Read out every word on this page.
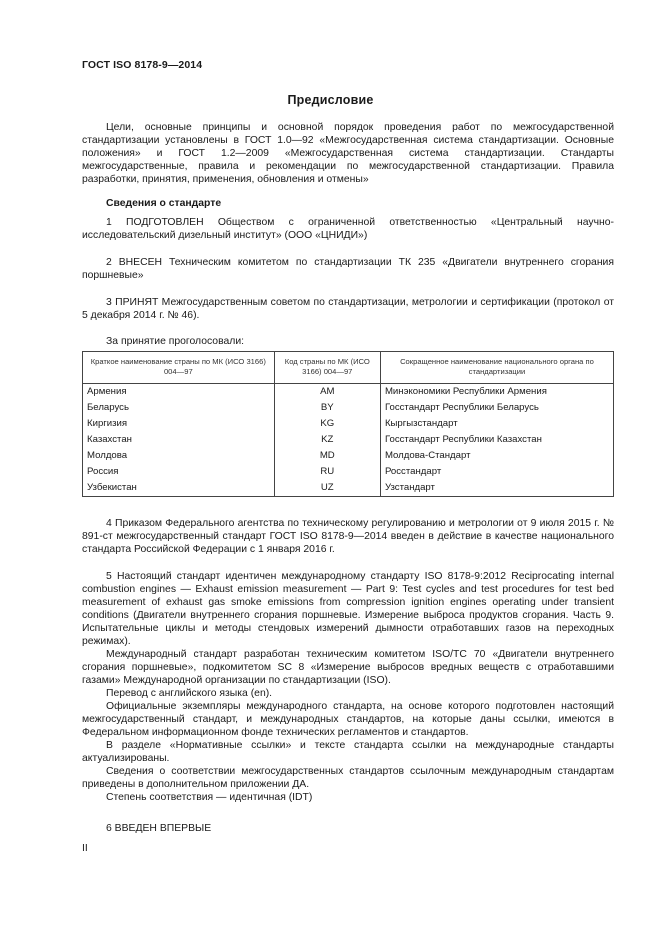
ГОСТ ISO 8178-9—2014
Предисловие

Цели, основные принципы и основной порядок проведения работ по межгосударственной стандартизации установлены в ГОСТ 1.0—92 «Межгосударственная система стандартизации. Основные положения» и ГОСТ 1.2—2009 «Межгосударственная система стандартизации. Стандарты межгосударственные, правила и рекомендации по межгосударственной стандартизации. Правила разработки, принятия, применения, обновления и отмены»

Сведения о стандарте

1 ПОДГОТОВЛЕН Обществом с ограниченной ответственностью «Центральный научно-исследовательский дизельный институт» (ООО «ЦНИДИ»)

2 ВНЕСЕН Техническим комитетом по стандартизации ТК 235 «Двигатели внутреннего сгорания поршневые»

3 ПРИНЯТ Межгосударственным советом по стандартизации, метрологии и сертификации (протокол от 5 декабря 2014 г. № 46).

За принятие проголосовали:

Краткое наименование страны по МК (ИСО 3166) 004—97	Код страны по МК (ИСО 3166) 004—97	Сокращенное наименование национального органа по стандартизации
Армения	AM	Минэкономики Республики Армения
Беларусь	BY	Госстандарт Республики Беларусь
Киргизия	KG	Кыргызстандарт
Казахстан	KZ	Госстандарт Республики Казахстан
Молдова	MD	Молдова-Стандарт
Россия	RU	Росстандарт
Узбекистан	UZ	Узстандарт

4 Приказом Федерального агентства по техническому регулированию и метрологии от 9 июля 2015 г. № 891-ст межгосударственный стандарт ГОСТ ISO 8178-9—2014 введен в действие в качестве национального стандарта Российской Федерации с 1 января 2016 г.

5 Настоящий стандарт идентичен международному стандарту ISO 8178-9:2012 Reciprocating internal combustion engines — Exhaust emission measurement — Part 9: Test cycles and test procedures for test bed measurement of exhaust gas smoke emissions from compression ignition engines operating under transient conditions (Двигатели внутреннего сгорания поршневые. Измерение выброса продуктов сгорания. Часть 9. Испытательные циклы и методы стендовых измерений дымности отработавших газов на переходных режимах).

Международный стандарт разработан техническим комитетом ISO/TC 70 «Двигатели внутреннего сгорания поршневые», подкомитетом SC 8 «Измерение выбросов вредных веществ с отработавшими газами» Международной организации по стандартизации (ISO).

Перевод с английского языка (en).

Официальные экземпляры международного стандарта, на основе которого подготовлен настоящий межгосударственный стандарт, и международных стандартов, на которые даны ссылки, имеются в Федеральном информационном фонде технических регламентов и стандартов.

В разделе «Нормативные ссылки» и тексте стандарта ссылки на международные стандарты актуализированы.

Сведения о соответствии межгосударственных стандартов ссылочным международным стандартам приведены в дополнительном приложении ДА.

Степень соответствия — идентичная (IDT)

6 ВВЕДЕН ВПЕРВЫЕ

II
